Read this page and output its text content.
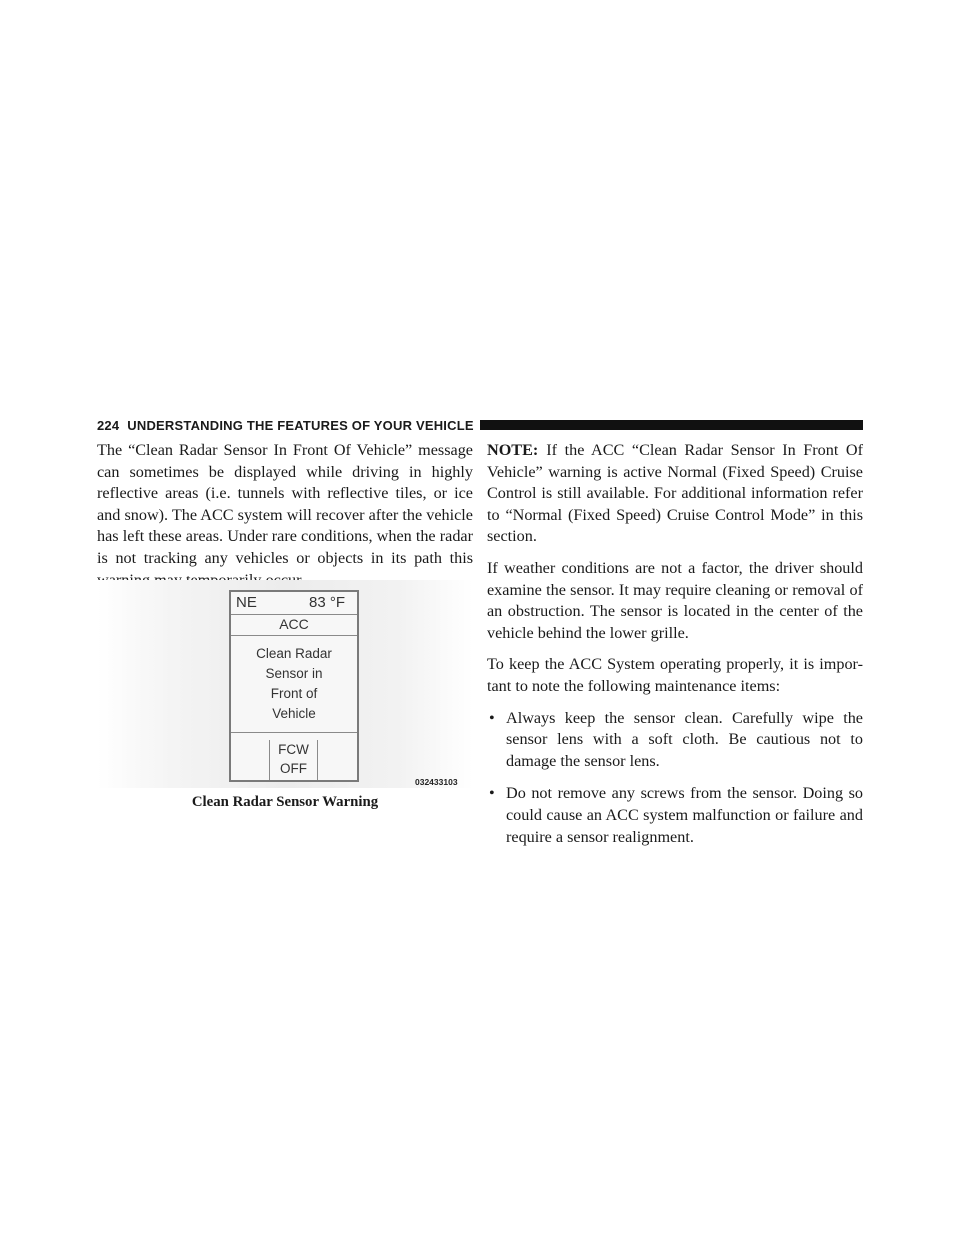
224 UNDERSTANDING THE FEATURES OF YOUR VEHICLE

The “Clean Radar Sensor In Front Of Vehicle” message can sometimes be displayed while driving in highly reflective areas (i.e. tunnels with reflective tiles, or ice and snow). The ACC system will recover after the vehicle has left these areas. Under rare conditions, when the radar is not tracking any vehicles or objects in its path this

NE	83 °F
ACC
Clean Radar
Sensor in
Front of
Vehicle
FCW
OFF
032433103
Clean Radar Sensor Warning

NOTE: If the ACC “Clean Radar Sensor In Front Of Vehicle” warning is active Normal (Fixed Speed) Cruise Control is still available. For additional information refer to “Normal (Fixed Speed) Cruise Control Mode” in this section.

If weather conditions are not a factor, the driver should examine the sensor. It may require cleaning or removal of an obstruction. The sensor is located in the center of the vehicle behind the lower grille.

To keep the ACC System operating properly, it is impor- tant to note the following maintenance items:

• Always keep the sensor clean. Carefully wipe the sensor lens with a soft cloth. Be cautious not to damage the sensor lens.
• Do not remove any screws from the sensor. Doing so could cause an ACC system malfunction or failure and require a sensor realignment.
